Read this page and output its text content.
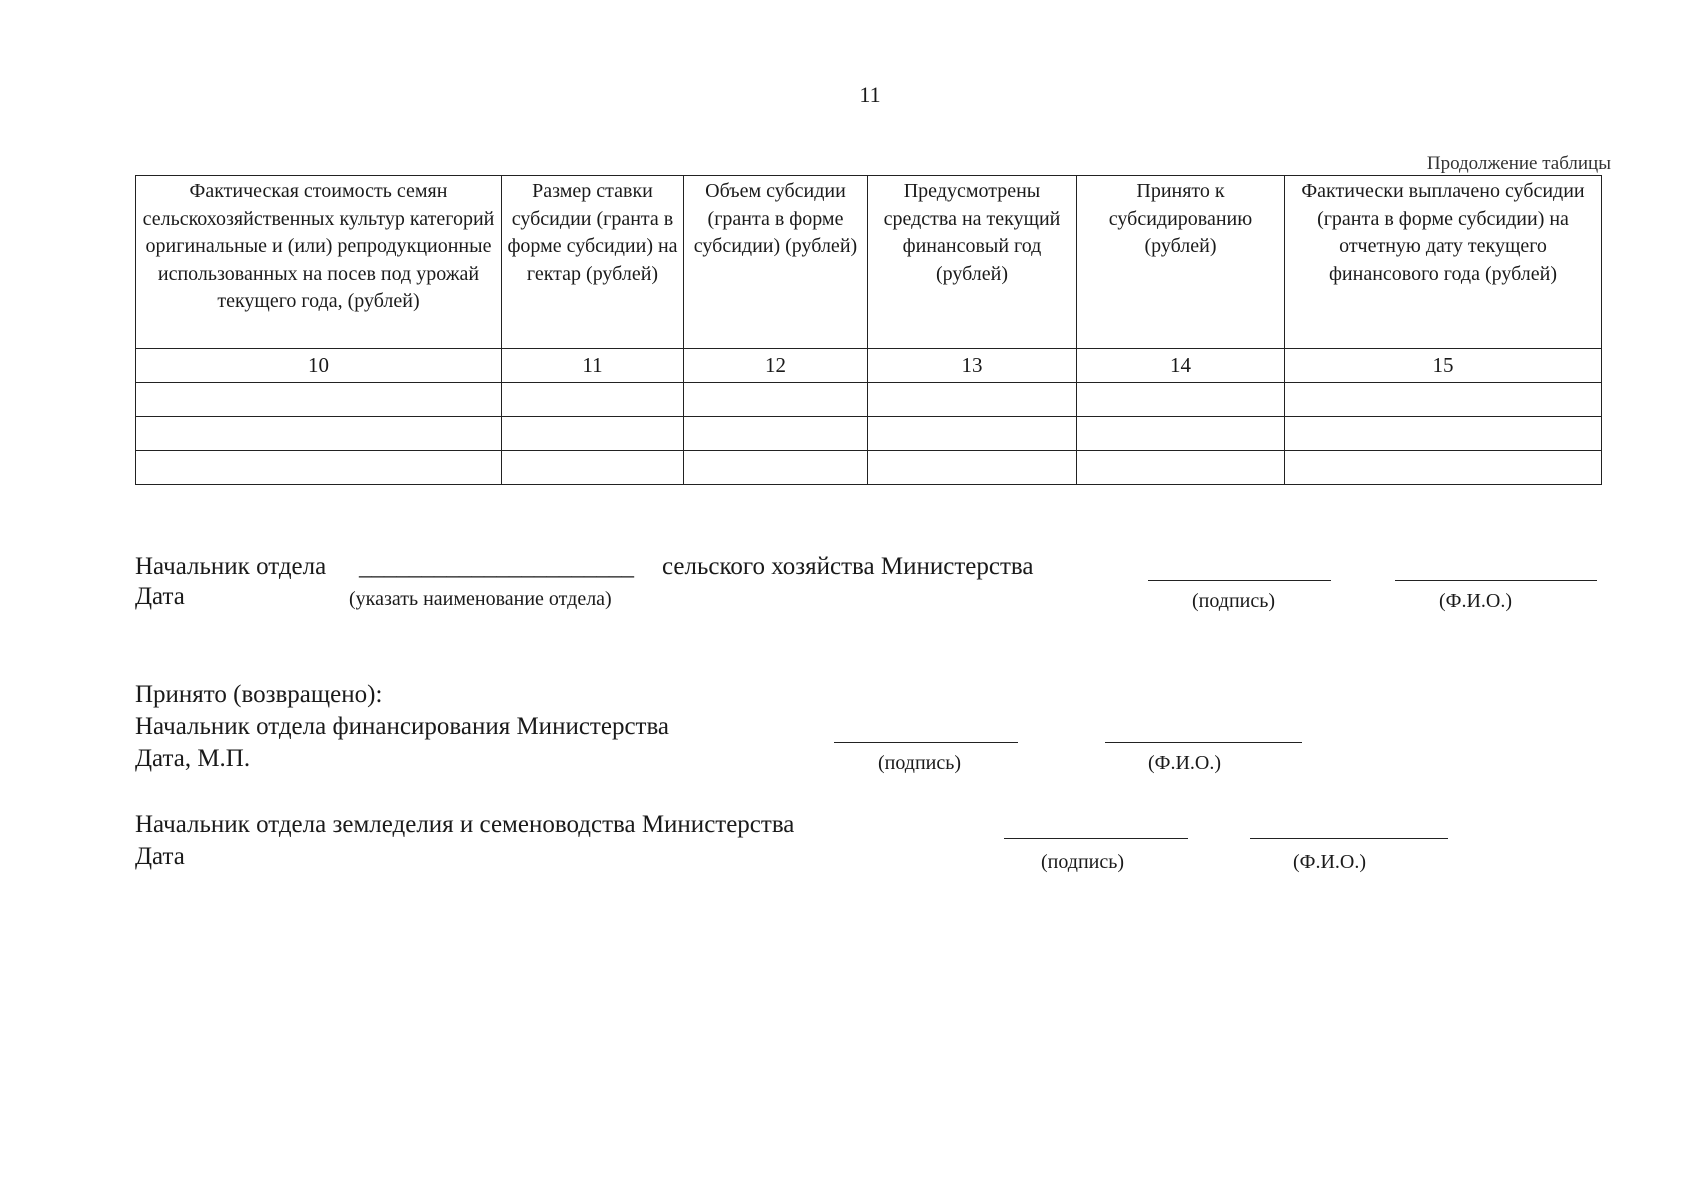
11
Продолжение таблицы
Фактическая стоимость семян сельскохозяйственных культур категорий оригинальные и (или) репродукционные использованных на посев под урожай текущего года, (рублей)	Размер ставки субсидии (гранта в форме субсидии) на гектар (рублей)	Объем субсидии (гранта в форме субсидии) (рублей)	Предусмотрены средства на текущий финансовый год (рублей)	Принято к субсидированию (рублей)	Фактически выплачено субсидии (гранта в форме субсидии) на отчетную дату текущего финансового года (рублей)
10	11	12	13	14	15

Начальник отдела ______________________ сельского хозяйства Министерства
Дата	(указать наименование отдела)	(подпись)	(Ф.И.О.)
Принято (возвращено):
Начальник отдела финансирования Министерства
Дата, М.П.	(подпись)	(Ф.И.О.)
Начальник отдела земледелия и семеноводства Министерства
Дата	(подпись)	(Ф.И.О.)
